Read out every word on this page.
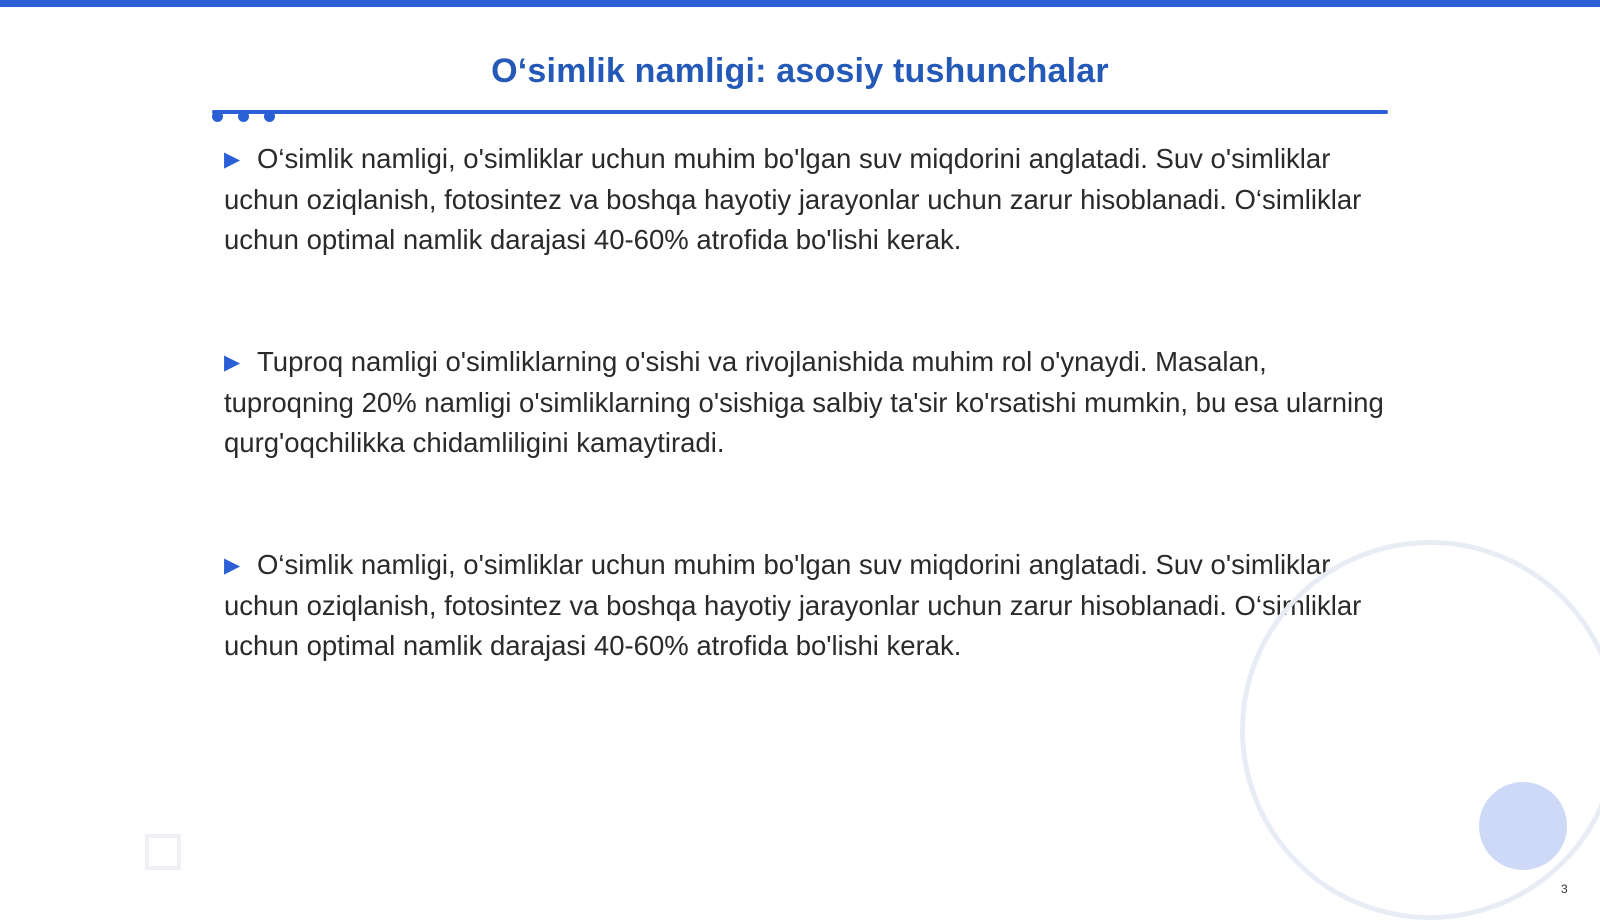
O‘simlik namligi: asosiy tushunchalar

▶ O‘simlik namligi, o'simliklar uchun muhim bo'lgan suv miqdorini anglatadi. Suv o'simliklar uchun oziqlanish, fotosintez va boshqa hayotiy jarayonlar uchun zarur hisoblanadi. O‘simliklar uchun optimal namlik darajasi 40-60% atrofida bo'lishi kerak.

▶ Tuproq namligi o'simliklarning o'sishi va rivojlanishida muhim rol o'ynaydi. Masalan, tuproqning 20% namligi o'simliklarning o'sishiga salbiy ta'sir ko'rsatishi mumkin, bu esa ularning qurg'oqchilikka chidamliligini kamaytiradi.

▶ O‘simlik namligi, o'simliklar uchun muhim bo'lgan suv miqdorini anglatadi. Suv o'simliklar uchun oziqlanish, fotosintez va boshqa hayotiy jarayonlar uchun zarur hisoblanadi. O‘simliklar uchun optimal namlik darajasi 40-60% atrofida bo'lishi kerak.

3
